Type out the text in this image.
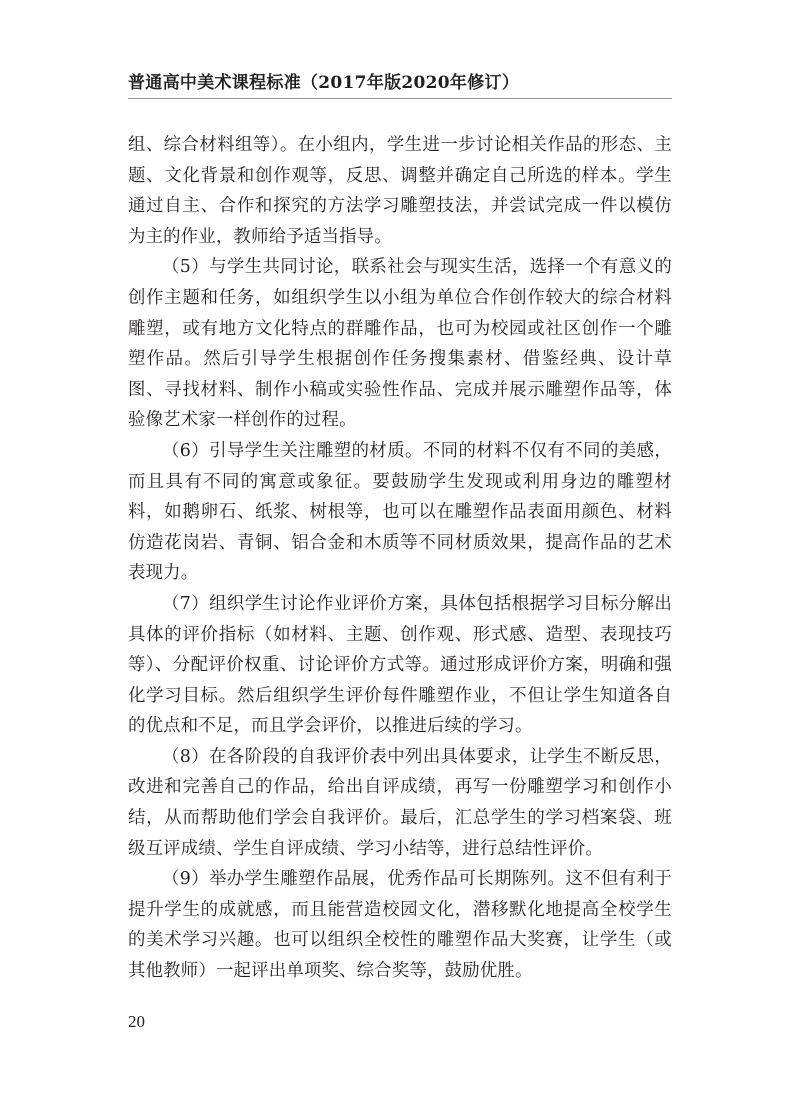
普通高中美术课程标准（2017年版2020年修订）

组、综合材料组等）。在小组内，学生进一步讨论相关作品的形态、主题、文化背景和创作观等，反思、调整并确定自己所选的样本。学生通过自主、合作和探究的方法学习雕塑技法，并尝试完成一件以模仿为主的作业，教师给予适当指导。

（5）与学生共同讨论，联系社会与现实生活，选择一个有意义的创作主题和任务，如组织学生以小组为单位合作创作较大的综合材料雕塑，或有地方文化特点的群雕作品，也可为校园或社区创作一个雕塑作品。然后引导学生根据创作任务搜集素材、借鉴经典、设计草图、寻找材料、制作小稿或实验性作品、完成并展示雕塑作品等，体验像艺术家一样创作的过程。

（6）引导学生关注雕塑的材质。不同的材料不仅有不同的美感，而且具有不同的寓意或象征。要鼓励学生发现或利用身边的雕塑材料，如鹅卵石、纸浆、树根等，也可以在雕塑作品表面用颜色、材料仿造花岗岩、青铜、铝合金和木质等不同材质效果，提高作品的艺术表现力。

（7）组织学生讨论作业评价方案，具体包括根据学习目标分解出具体的评价指标（如材料、主题、创作观、形式感、造型、表现技巧等）、分配评价权重、讨论评价方式等。通过形成评价方案，明确和强化学习目标。然后组织学生评价每件雕塑作业，不但让学生知道各自的优点和不足，而且学会评价，以推进后续的学习。

（8）在各阶段的自我评价表中列出具体要求，让学生不断反思，改进和完善自己的作品，给出自评成绩，再写一份雕塑学习和创作小结，从而帮助他们学会自我评价。最后，汇总学生的学习档案袋、班级互评成绩、学生自评成绩、学习小结等，进行总结性评价。

（9）举办学生雕塑作品展，优秀作品可长期陈列。这不但有利于提升学生的成就感，而且能营造校园文化，潜移默化地提高全校学生的美术学习兴趣。也可以组织全校性的雕塑作品大奖赛，让学生（或其他教师）一起评出单项奖、综合奖等，鼓励优胜。

20
